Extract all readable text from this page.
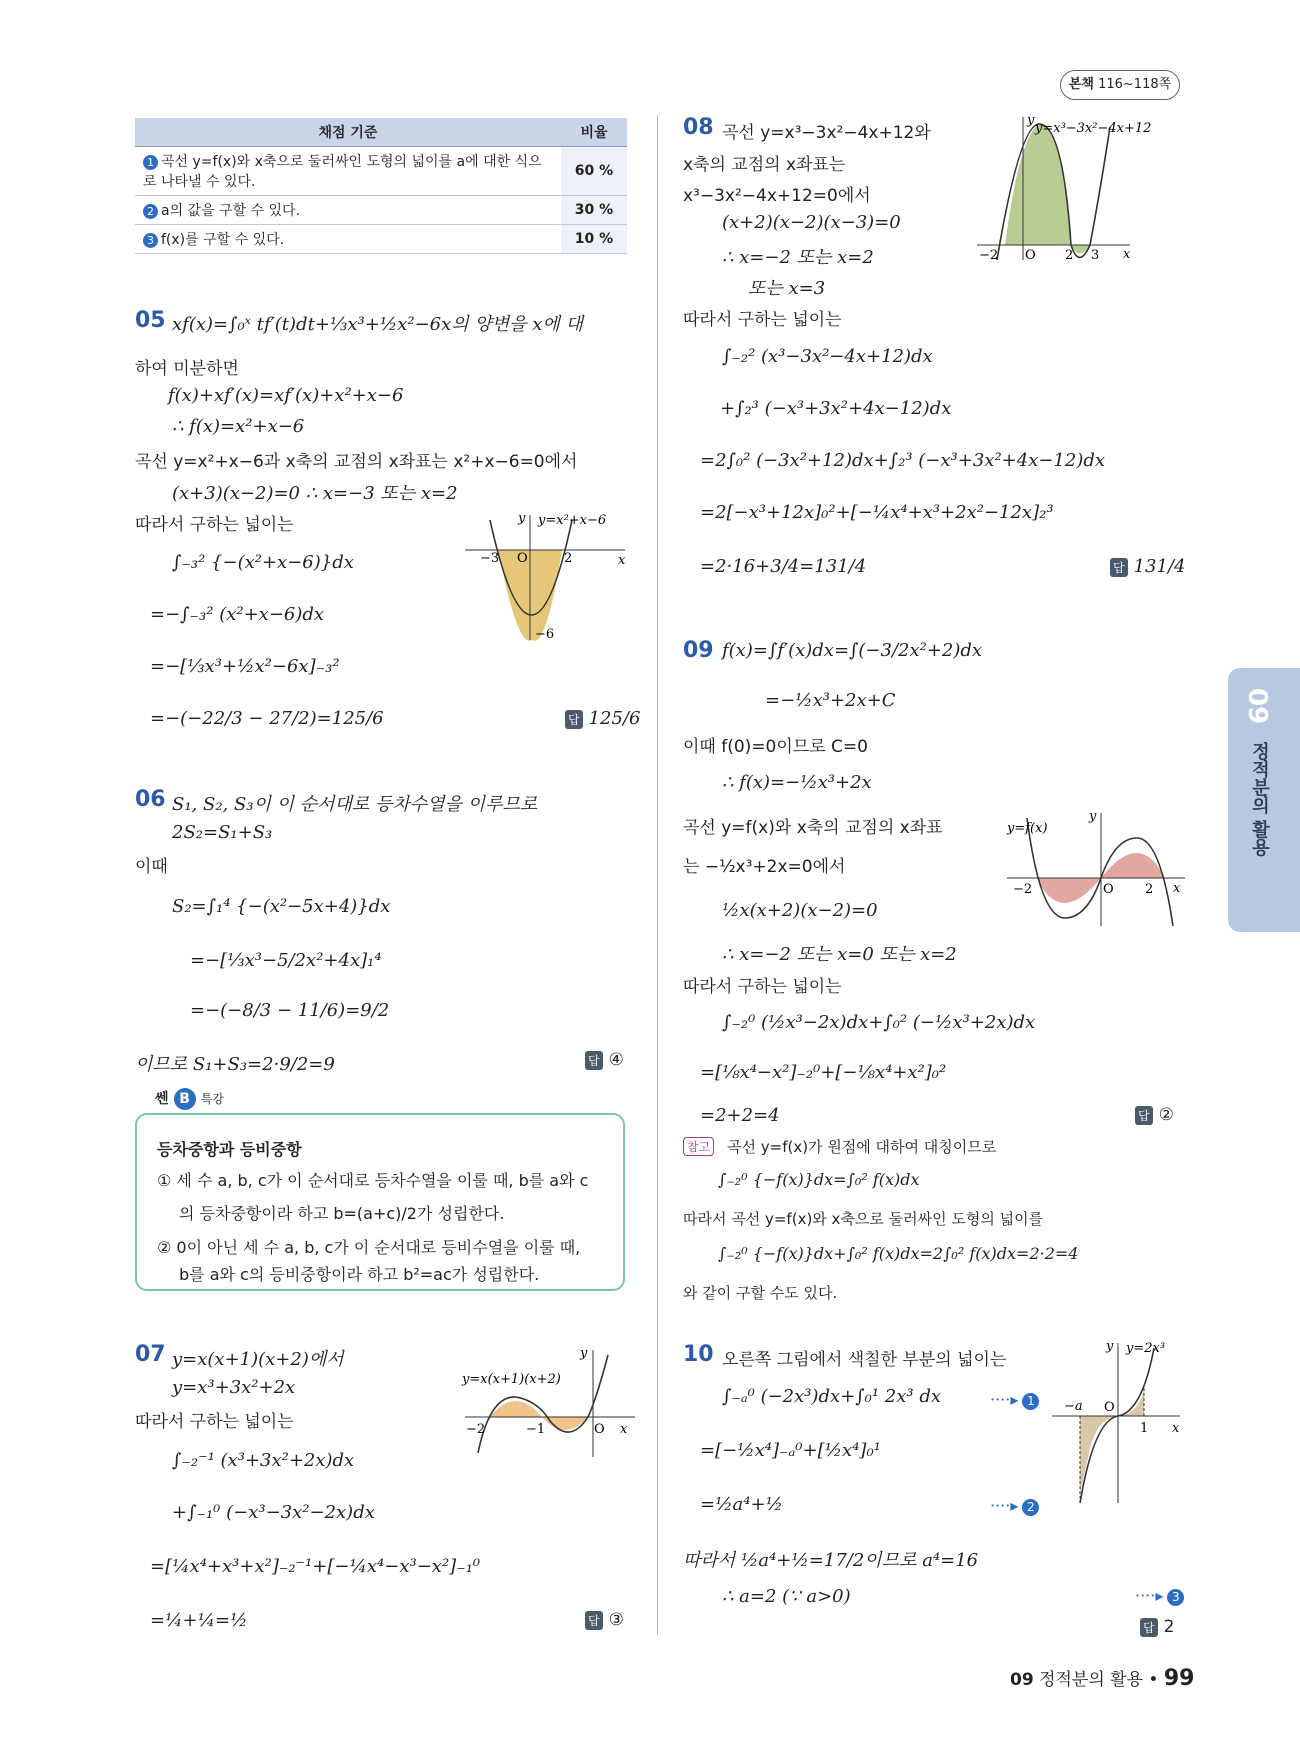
본책 116~118쪽
09
정적분의 활용
채점 기준	비율
1 곡선 y=f(x)와 x축으로 둘러싸인 도형의 넓이를 a에 대한 식으로 나타낼 수 있다.	60 %
2 a의 값을 구할 수 있다.	30 %
3 f(x)를 구할 수 있다.	10 %
05 xf(x)=∫₀ˣ tf′(t)dt+⅓x³+½x²−6x의 양변을 x에 대
하여 미분하면
f(x)+xf′(x)=xf′(x)+x²+x−6
∴ f(x)=x²+x−6
곡선 y=x²+x−6과 x축의 교점의 x좌표는 x²+x−6=0에서
(x+3)(x−2)=0 ∴ x=−3 또는 x=2
따라서 구하는 넓이는
∫₋₃² {−(x²+x−6)}dx
=−∫₋₃² (x²+x−6)dx
=−[⅓x³+½x²−6x]₋₃²
=−(−22/3 − 27/2)=125/6	답 125/6
y=x²+x−6
−3 O	2
−6
x
y
06 S₁, S₂, S₃이 이 순서대로 등차수열을 이루므로
2S₂=S₁+S₃
이때
S₂=∫₁⁴ {−(x²−5x+4)}dx
=−[⅓x³−5/2x²+4x]₁⁴
=−(−8/3 − 11/6)=9/2
이므로 S₁+S₃=2·9/2=9	답 ④
쎈 B 특강
등차중항과 등비중항
① 세 수 a, b, c가 이 순서대로 등차수열을 이룰 때, b를 a와 c
의 등차중항이라 하고 b=(a+c)/2가 성립한다.
② 0이 아닌 세 수 a, b, c가 이 순서대로 등비수열을 이룰 때,
b를 a와 c의 등비중항이라 하고 b²=ac가 성립한다.
07 y=x(x+1)(x+2)에서
y=x³+3x²+2x
따라서 구하는 넓이는
∫₋₂⁻¹ (x³+3x²+2x)dx
+∫₋₁⁰ (−x³−3x²−2x)dx
=[¼x⁴+x³+x²]₋₂⁻¹+[−¼x⁴−x³−x²]₋₁⁰
=¼+¼=½	답 ③
y=x(x+1)(x+2)
−2	−1	O x
y
08 곡선 y=x³−3x²−4x+12와
x축의 교점의 x좌표는
x³−3x²−4x+12=0에서
(x+2)(x−2)(x−3)=0
∴ x=−2 또는 x=2
또는 x=3
따라서 구하는 넓이는
∫₋₂² (x³−3x²−4x+12)dx
+∫₂³ (−x³+3x²+4x−12)dx
=2∫₀² (−3x²+12)dx+∫₂³ (−x³+3x²+4x−12)dx
=2[−x³+12x]₀²+[−¼x⁴+x³+2x²−12x]₂³
=2·16+3/4=131/4	답 131/4
y=x³−3x²−4x+12
−2 O 2 3 x
y
09 f(x)=∫f′(x)dx=∫(−3/2x²+2)dx
=−½x³+2x+C
이때 f(0)=0이므로 C=0
∴ f(x)=−½x³+2x
곡선 y=f(x)와 x축의 교점의 x좌표
는 −½x³+2x=0에서
½x(x+2)(x−2)=0
∴ x=−2 또는 x=0 또는 x=2
따라서 구하는 넓이는
∫₋₂⁰ (½x³−2x)dx+∫₀² (−½x³+2x)dx
=[⅛x⁴−x²]₋₂⁰+[−⅛x⁴+x²]₀²
=2+2=4	답 ②
y=f(x)
−2	O 2 x
y
참고 곡선 y=f(x)가 원점에 대하여 대칭이므로
∫₋₂⁰ {−f(x)}dx=∫₀² f(x)dx
따라서 곡선 y=f(x)와 x축으로 둘러싸인 도형의 넓이를
∫₋₂⁰ {−f(x)}dx+∫₀² f(x)dx=2∫₀² f(x)dx=2·2=4
와 같이 구할 수도 있다.
10 오른쪽 그림에서 색칠한 부분의 넓이는
∫₋ₐ⁰ (−2x³)dx+∫₀¹ 2x³ dx
=[−½x⁴]₋ₐ⁰+[½x⁴]₀¹
=½a⁴+½
따라서 ½a⁴+½=17/2이므로 a⁴=16
∴ a=2 (∵ a>0)
····▸ 1
····▸ 2
····▸ 3
답 2
y=2x³
−a O
1 x
y
09 정적분의 활용 • 99
